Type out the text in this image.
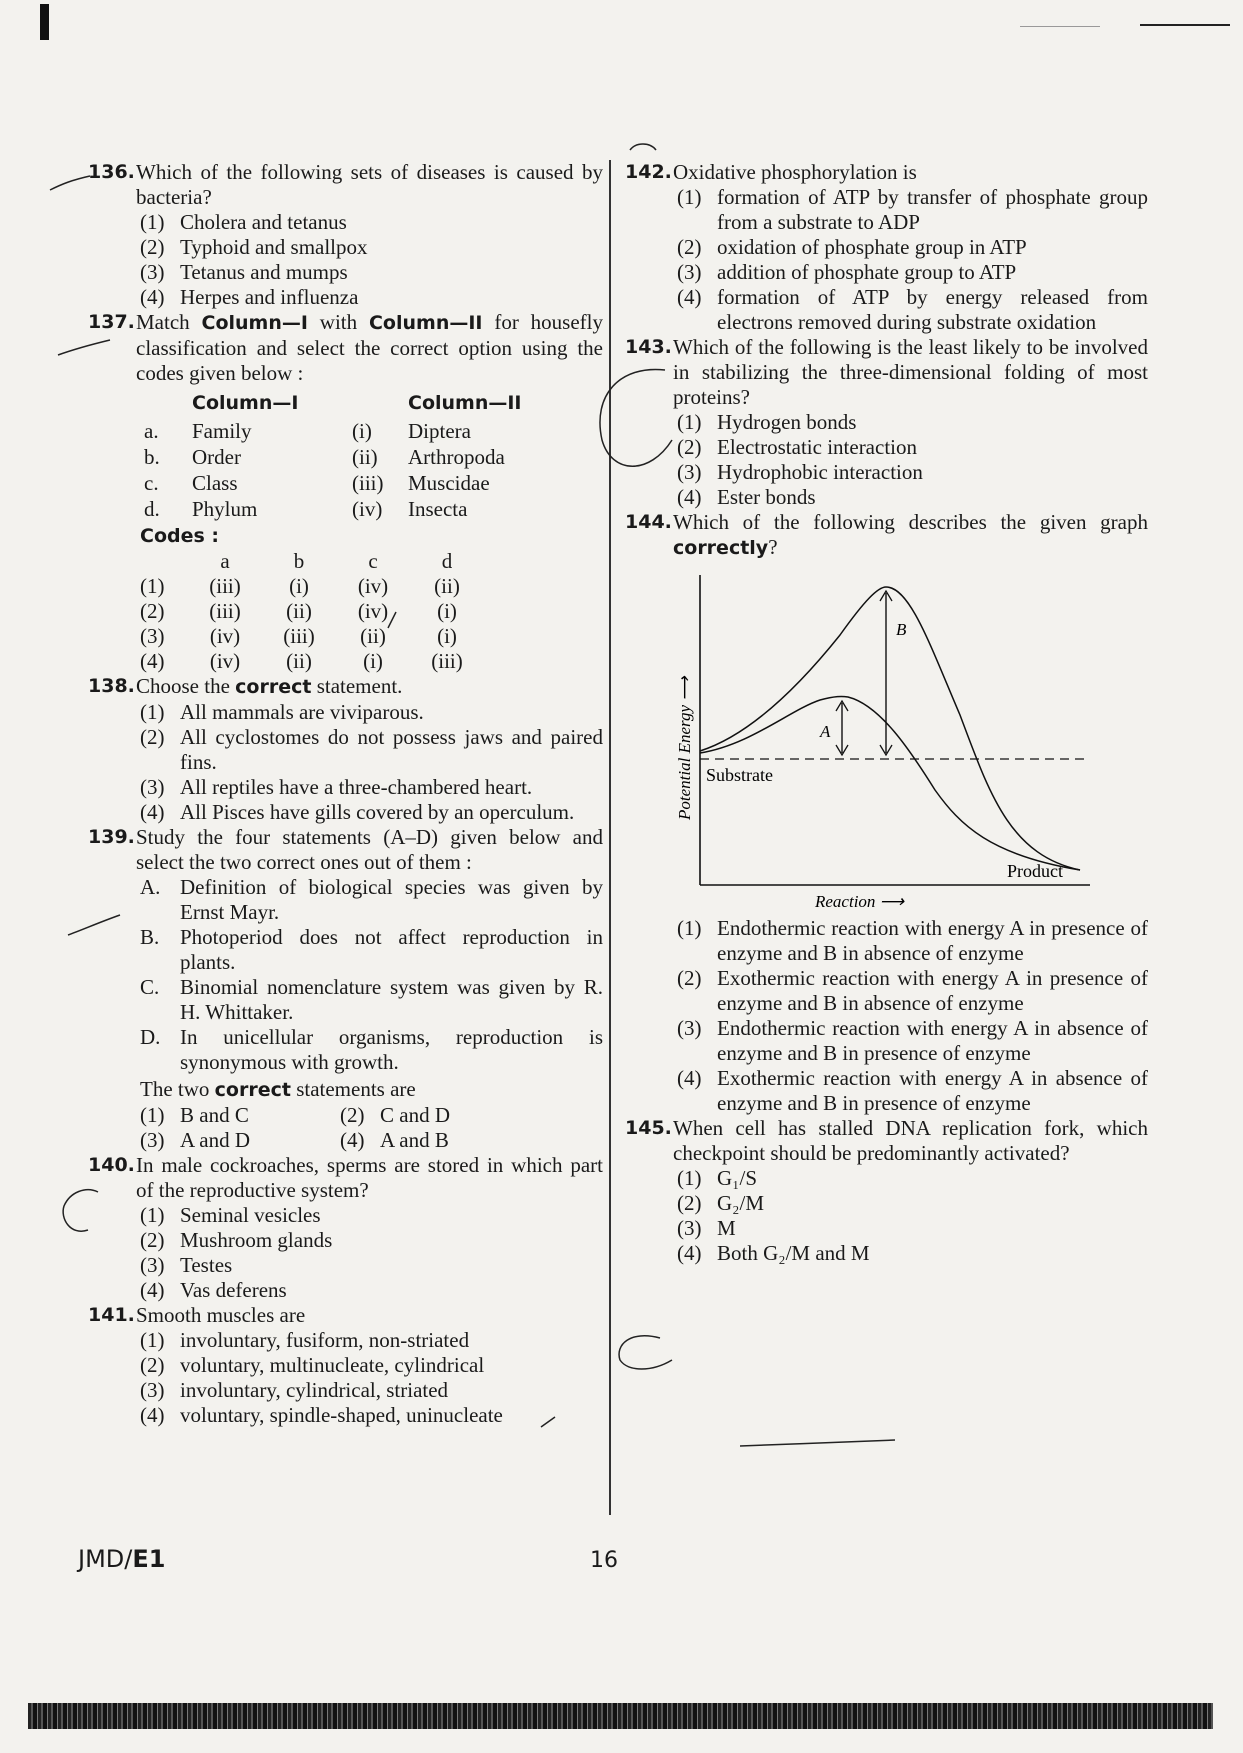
136. Which of the following sets of diseases is caused by bacteria?
(1) Cholera and tetanus
(2) Typhoid and smallpox
(3) Tetanus and mumps
(4) Herpes and influenza
137. Match Column—I with Column—II for housefly classification and select the correct option using the codes given below :
	Column—I		Column—II
a.	Family	(i)	Diptera
b.	Order	(ii)	Arthropoda
c.	Class	(iii)	Muscidae
d.	Phylum	(iv)	Insecta
Codes :
	a	b	c	d
(1)	(iii)	(i)	(iv)	(ii)
(2)	(iii)	(ii)	(iv)	(i)
(3)	(iv)	(iii)	(ii)	(i)
(4)	(iv)	(ii)	(i)	(iii)
138. Choose the correct statement.
(1) All mammals are viviparous.
(2) All cyclostomes do not possess jaws and paired fins.
(3) All reptiles have a three-chambered heart.
(4) All Pisces have gills covered by an operculum.
139. Study the four statements (A–D) given below and select the two correct ones out of them :
A. Definition of biological species was given by Ernst Mayr.
B. Photoperiod does not affect reproduction in plants.
C. Binomial nomenclature system was given by R. H. Whittaker.
D. In unicellular organisms, reproduction is synonymous with growth.
The two correct statements are
(1) B and C	(2) C and D
(3) A and D	(4) A and B
140. In male cockroaches, sperms are stored in which part of the reproductive system?
(1) Seminal vesicles
(2) Mushroom glands
(3) Testes
(4) Vas deferens
141. Smooth muscles are
(1) involuntary, fusiform, non-striated
(2) voluntary, multinucleate, cylindrical
(3) involuntary, cylindrical, striated
(4) voluntary, spindle-shaped, uninucleate
142. Oxidative phosphorylation is
(1) formation of ATP by transfer of phosphate group from a substrate to ADP
(2) oxidation of phosphate group in ATP
(3) addition of phosphate group to ATP
(4) formation of ATP by energy released from electrons removed during substrate oxidation
143. Which of the following is the least likely to be involved in stabilizing the three-dimensional folding of most proteins?
(1) Hydrogen bonds
(2) Electrostatic interaction
(3) Hydrophobic interaction
(4) Ester bonds
144. Which of the following describes the given graph correctly?
A
B
Substrate
Product
Reaction ⟶
Potential Energy ⟶
(1) Endothermic reaction with energy A in presence of enzyme and B in absence of enzyme
(2) Exothermic reaction with energy A in presence of enzyme and B in absence of enzyme
(3) Endothermic reaction with energy A in absence of enzyme and B in presence of enzyme
(4) Exothermic reaction with energy A in absence of enzyme and B in presence of enzyme
145. When cell has stalled DNA replication fork, which checkpoint should be predominantly activated?
(1) G₁/S
(2) G₂/M
(3) M
(4) Both G₂/M and M
JMD/E1	16
